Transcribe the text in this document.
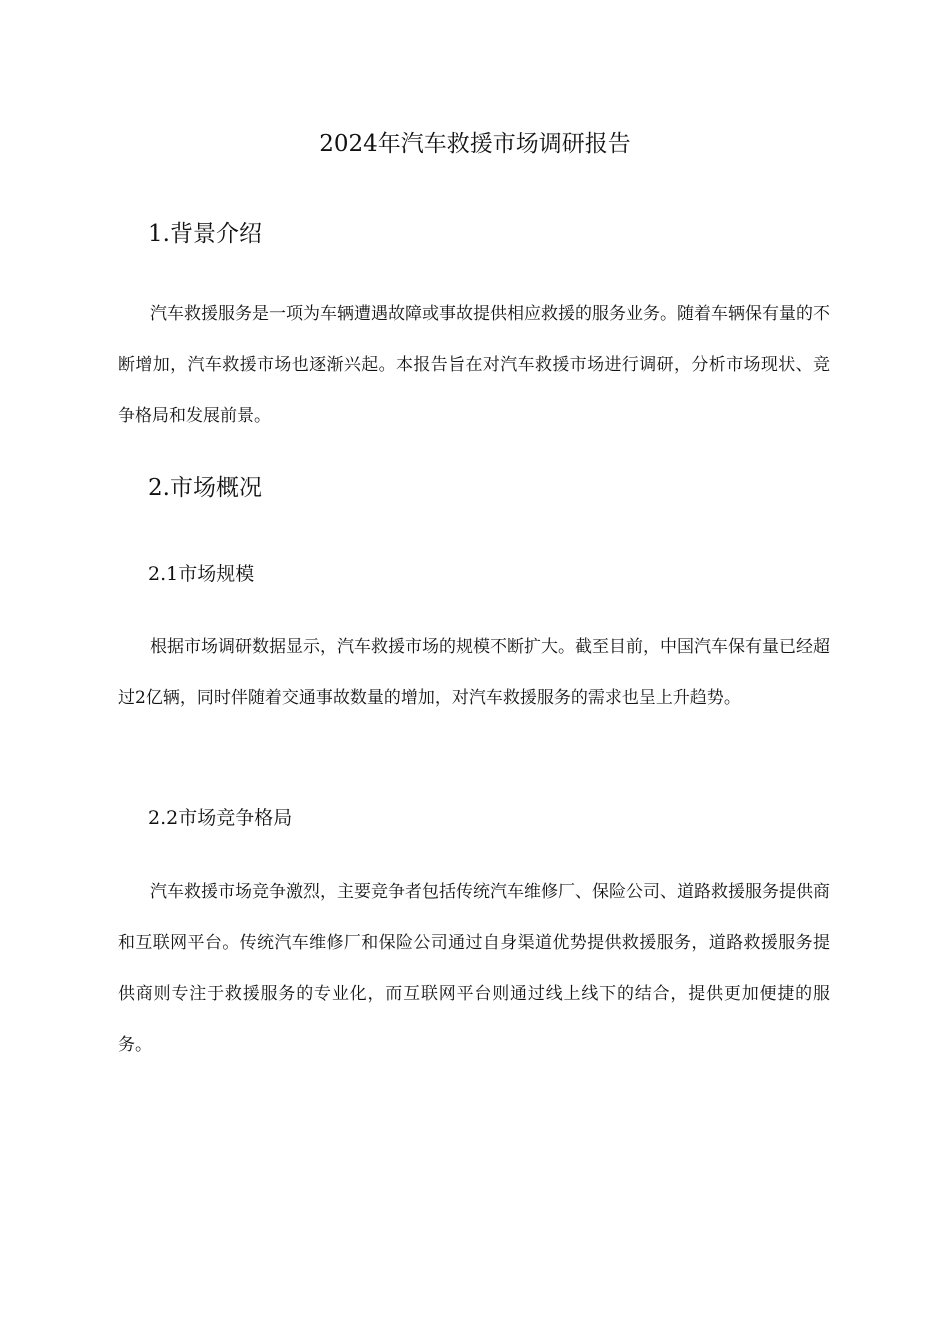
2024年汽车救援市场调研报告
1.背景介绍

汽车救援服务是一项为车辆遭遇故障或事故提供相应救援的服务业务。随着车辆保有量的不断增加，汽车救援市场也逐渐兴起。本报告旨在对汽车救援市场进行调研，分析市场现状、竞争格局和发展前景。

2.市场概况
2.1市场规模

根据市场调研数据显示，汽车救援市场的规模不断扩大。截至目前，中国汽车保有量已经超过2亿辆，同时伴随着交通事故数量的增加，对汽车救援服务的需求也呈上升趋势。

2.2市场竞争格局

汽车救援市场竞争激烈，主要竞争者包括传统汽车维修厂、保险公司、道路救援服务提供商和互联网平台。传统汽车维修厂和保险公司通过自身渠道优势提供救援服务，道路救援服务提供商则专注于救援服务的专业化，而互联网平台则通过线上线下的结合，提供更加便捷的服务。
